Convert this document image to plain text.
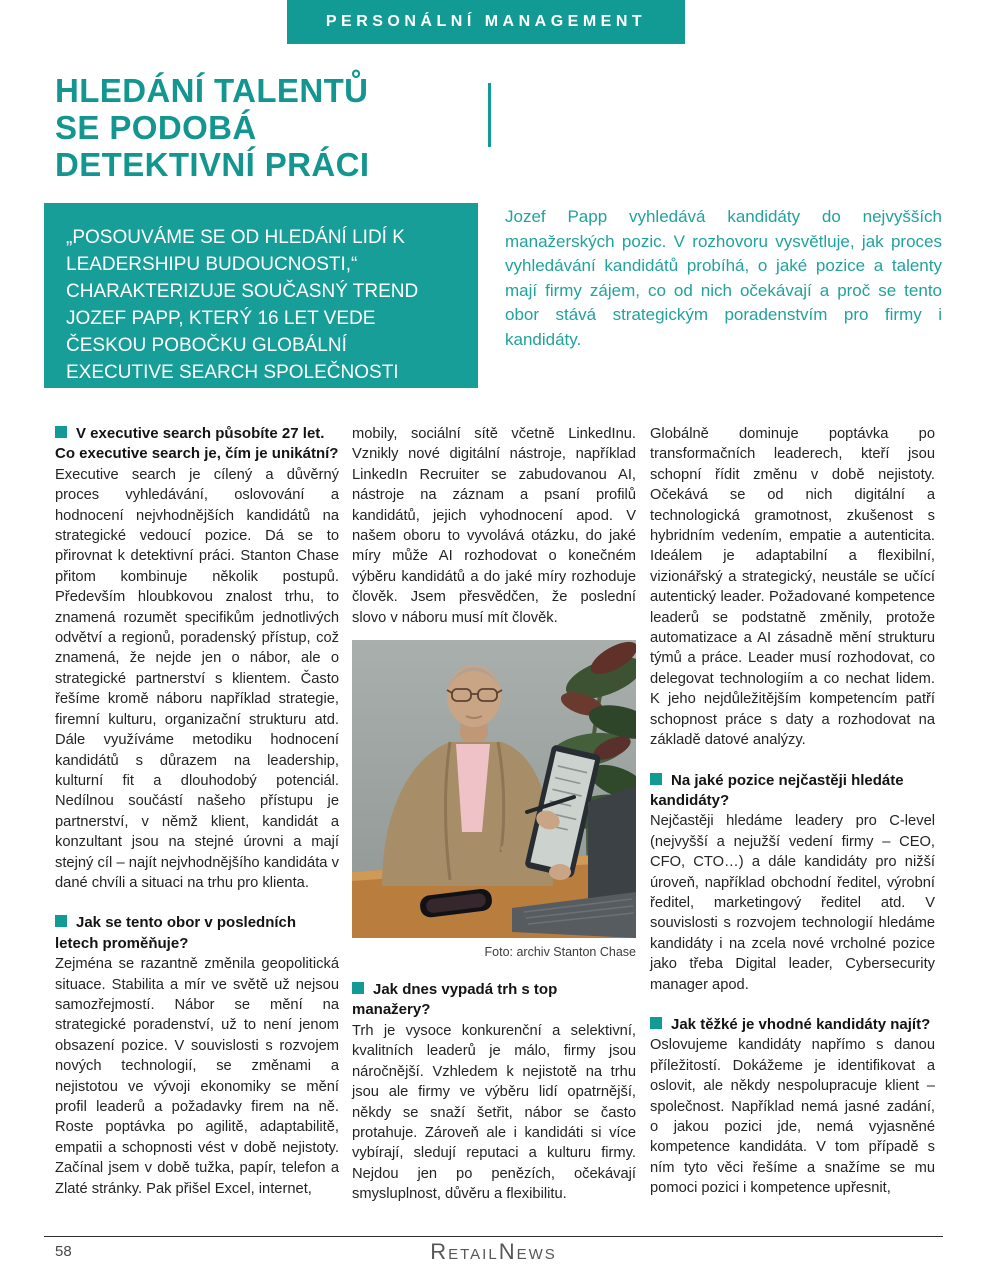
PERSONÁLNÍ MANAGEMENT
HLEDÁNÍ TALENTŮ
SE PODOBÁ
DETEKTIVNÍ PRÁCI

„POSOUVÁME SE OD HLEDÁNÍ LIDÍ K LEADERSHIPU BUDOUCNOSTI,“ CHARAKTERIZUJE SOUČASNÝ TREND JOZEF PAPP, KTERÝ 16 LET VEDE ČESKOU POBOČKU GLOBÁLNÍ EXECUTIVE SEARCH SPOLEČNOSTI STANTON CHASE.

Jozef Papp vyhledává kandidáty do nejvyšších manažerských pozic. V rozhovoru vysvětluje, jak proces vyhledávání kandidátů probíhá, o jaké pozice a talenty mají firmy zájem, co od nich očekávají a proč se tento obor stává strategickým poradenstvím pro firmy i kandidáty.
V executive search působíte 27 let. Co executive search je, čím je unikátní?

Executive search je cílený a důvěrný proces vyhledávání, oslovování a hodnocení nejvhodnějších kandidátů na strategické vedoucí pozice. Dá se to přirovnat k detektivní práci. Stanton Chase přitom kombinuje několik postupů. Především hloubkovou znalost trhu, to znamená rozumět specifikům jednotlivých odvětví a regionů, poradenský přístup, což znamená, že nejde jen o nábor, ale o strategické partnerství s klientem. Často řešíme kromě náboru například strategie, firemní kulturu, organizační strukturu atd. Dále využíváme metodiku hodnocení kandidátů s důrazem na leadership, kulturní fit a dlouhodobý potenciál. Nedílnou součástí našeho přístupu je partnerství, v němž klient, kandidát a konzultant jsou na stejné úrovni a mají stejný cíl – najít nejvhodnějšího kandidáta v dané chvíli a situaci na trhu pro klienta.

Jak se tento obor v posledních letech proměňuje?

Zejména se razantně změnila geopolitická situace. Stabilita a mír ve světě už nejsou samozřejmostí. Nábor se mění na strategické poradenství, už to není jenom obsazení pozice. V souvislosti s rozvojem nových technologií, se změnami a nejistotou ve vývoji ekonomiky se mění profil leaderů a požadavky firem na ně. Roste poptávka po agilitě, adaptabilitě, empatii a schopnosti vést v době nejistoty. Začínal jsem v době tužka, papír, telefon a Zlaté stránky. Pak přišel Excel, internet,

mobily, sociální sítě včetně LinkedInu. Vznikly nové digitální nástroje, například LinkedIn Recruiter se zabudovanou AI, nástroje na záznam a psaní profilů kandidátů, jejich vyhodnocení apod. V našem oboru to vyvolává otázku, do jaké míry může AI rozhodovat o konečném výběru kandidátů a do jaké míry rozhoduje člověk. Jsem přesvědčen, že poslední slovo v náboru musí mít člověk.

Foto: archiv Stanton Chase
Jak dnes vypadá trh s top manažery?

Trh je vysoce konkurenční a selektivní, kvalitních leaderů je málo, firmy jsou náročnější. Vzhledem k nejistotě na trhu jsou ale firmy ve výběru lidí opatrnější, někdy se snaží šetřit, nábor se často protahuje. Zároveň ale i kandidáti si více vybírají, sledují reputaci a kulturu firmy. Nejdou jen po penězích, očekávají smysluplnost, důvěru a flexibilitu.

Globálně dominuje poptávka po transformačních leaderech, kteří jsou schopní řídit změnu v době nejistoty. Očekává se od nich digitální a technologická gramotnost, zkušenost s hybridním vedením, empatie a autenticita. Ideálem je adaptabilní a flexibilní, vizionářský a strategický, neustále se učící autentický leader. Požadované kompetence leaderů se podstatně změnily, protože automatizace a AI zásadně mění strukturu týmů a práce. Leader musí rozhodovat, co delegovat technologiím a co nechat lidem. K jeho nejdůležitějším kompetencím patří schopnost práce s daty a rozhodovat na základě datové analýzy.

Na jaké pozice nejčastěji hledáte kandidáty?

Nejčastěji hledáme leadery pro C-level (nejvyšší a nejužší vedení firmy – CEO, CFO, CTO…) a dále kandidáty pro nižší úroveň, například obchodní ředitel, výrobní ředitel, marketingový ředitel atd. V souvislosti s rozvojem technologií hledáme kandidáty i na zcela nové vrcholné pozice jako třeba Digital leader, Cybersecurity manager apod.

Jak těžké je vhodné kandidáty najít?

Oslovujeme kandidáty napřímo s danou příležitostí. Dokážeme je identifikovat a oslovit, ale někdy nespolupracuje klient – společnost. Například nemá jasné zadání, o jakou pozici jde, nemá vyjasněné kompetence kandidáta. V tom případě s ním tyto věci řešíme a snažíme se mu pomoci pozici i kompetence upřesnit,

58	RetailNews
